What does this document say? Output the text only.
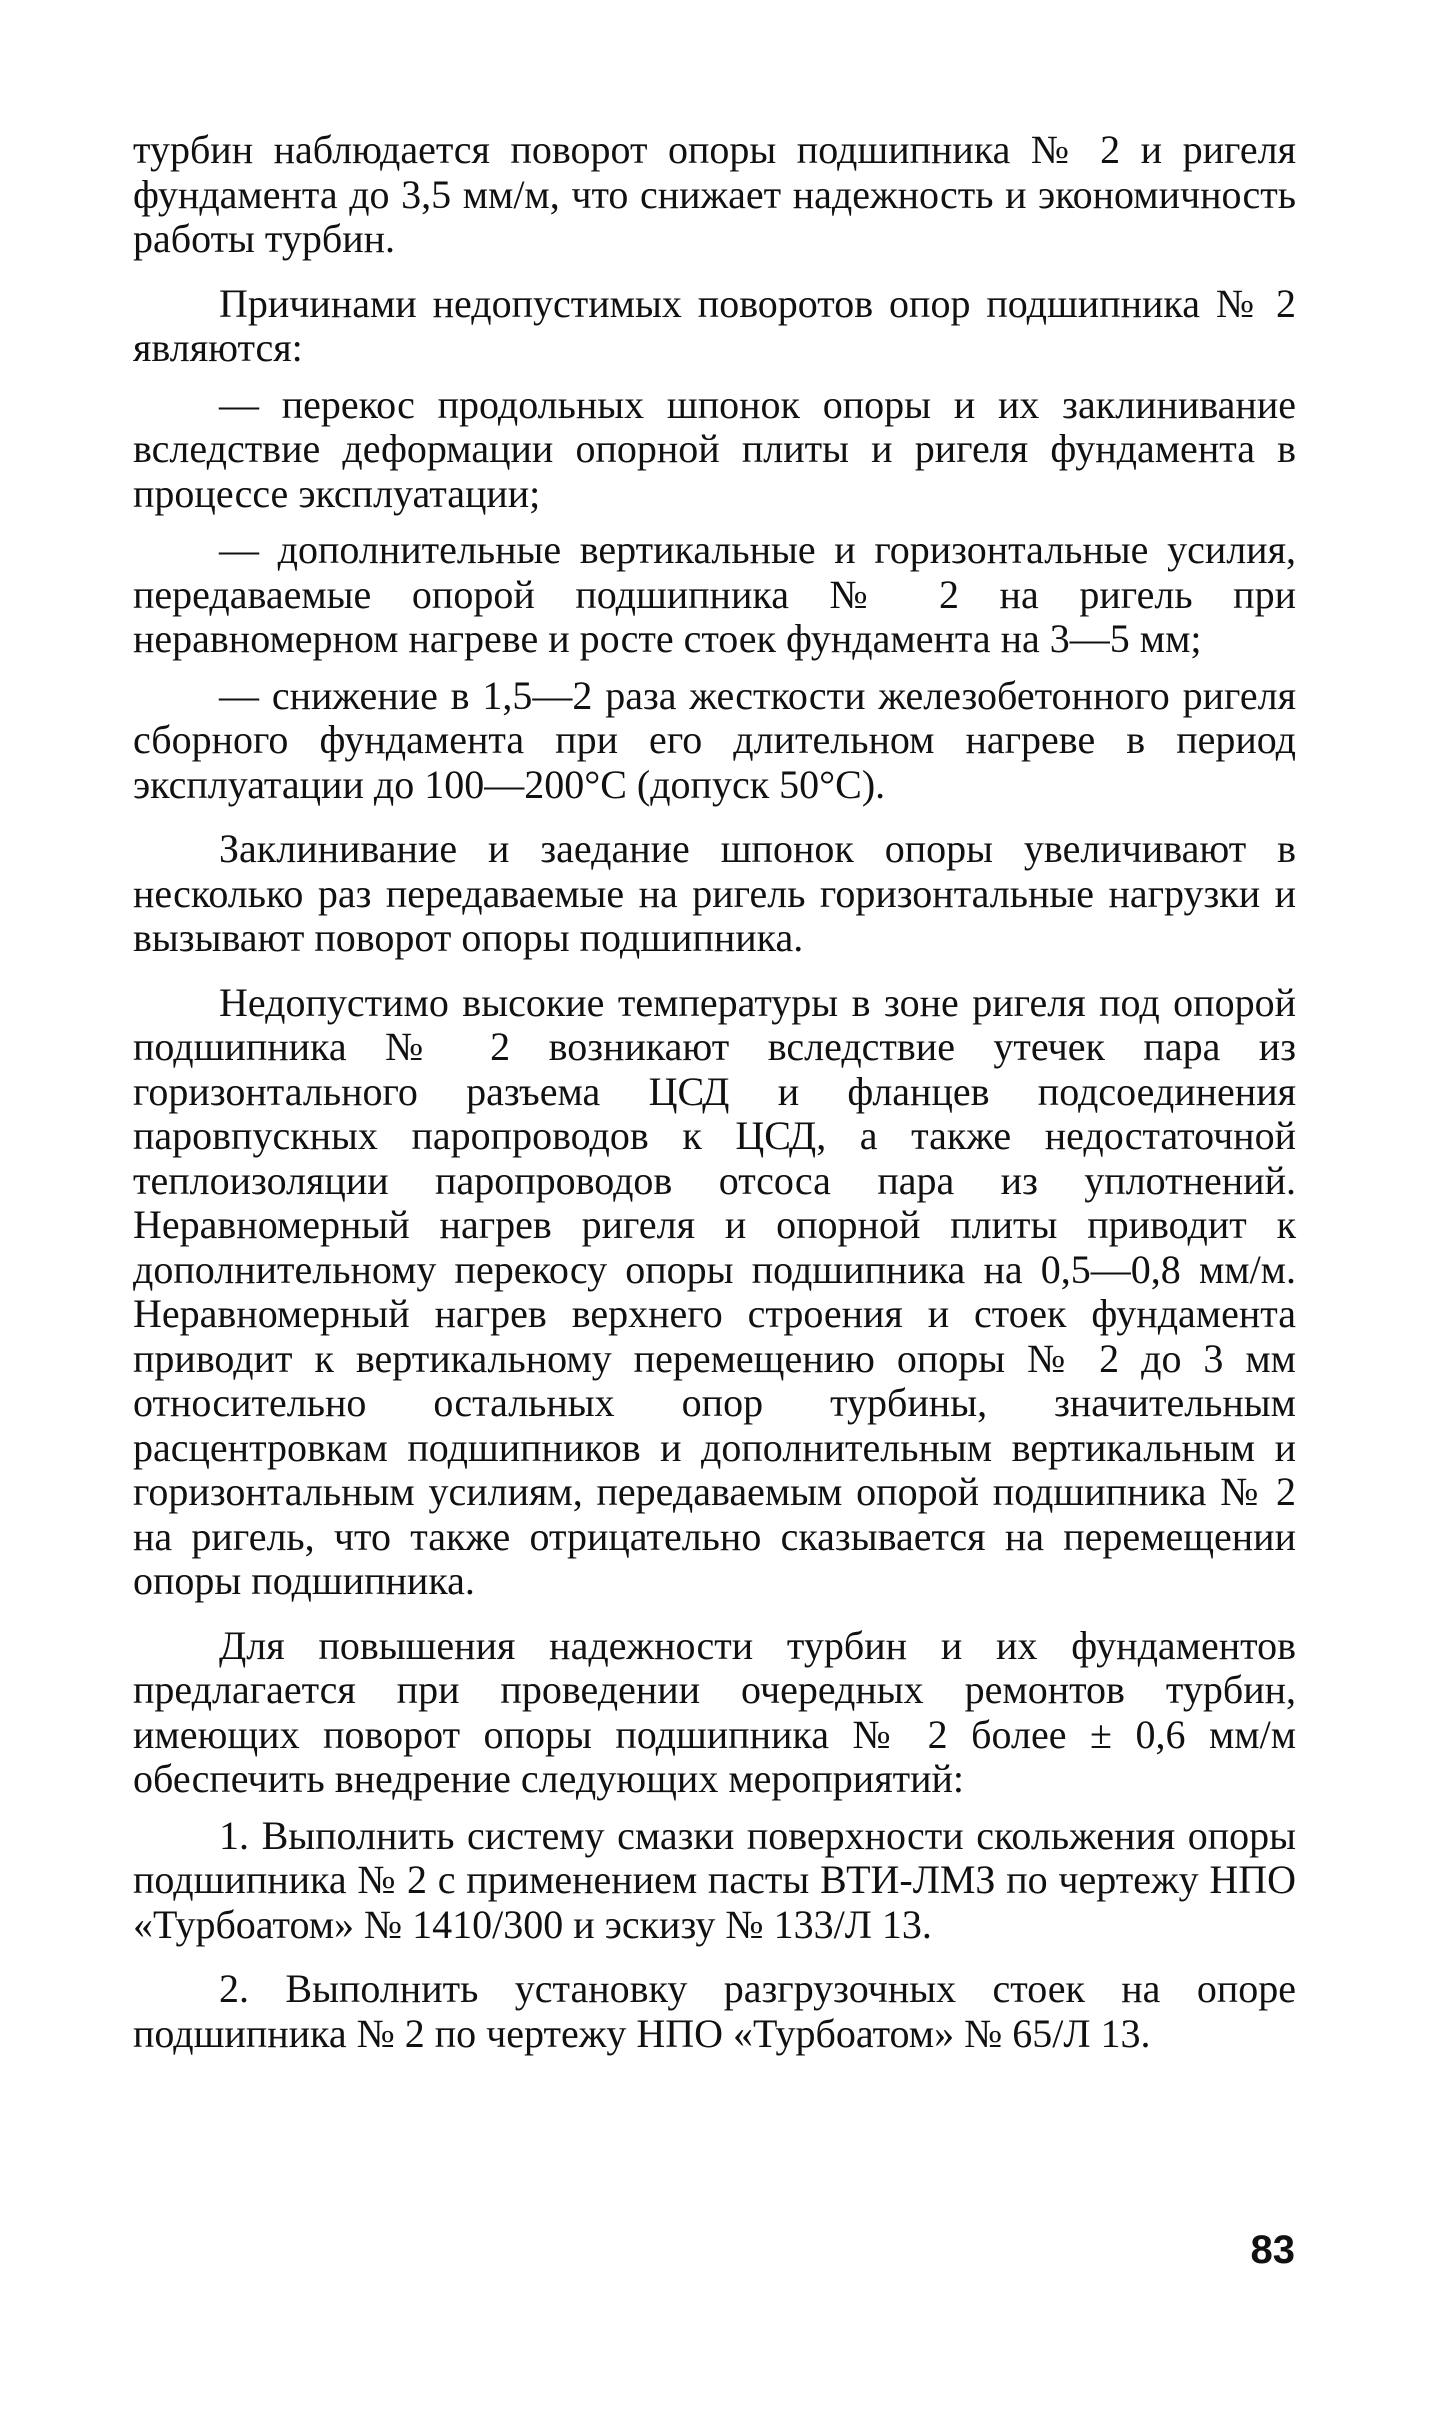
турбин наблюдается поворот опоры подшипника № 2 и ригеля фундамента до 3,5 мм/м, что снижает надежность и экономичность работы турбин.

Причинами недопустимых поворотов опор подшипника № 2 являются:

— перекос продольных шпонок опоры и их заклинивание вследствие деформации опорной плиты и ригеля фундамента в процессе эксплуатации;

— дополнительные вертикальные и горизонтальные усилия, передаваемые опорой подшипника № 2 на ригель при неравномерном нагреве и росте стоек фундамента на 3—5 мм;

— снижение в 1,5—2 раза жесткости железобетонного ригеля сборного фундамента при его длительном нагреве в период эксплуатации до 100—200°С (допуск 50°С).

Заклинивание и заедание шпонок опоры увеличивают в несколько раз передаваемые на ригель горизонтальные нагрузки и вызывают поворот опоры подшипника.

Недопустимо высокие температуры в зоне ригеля под опорой подшипника № 2 возникают вследствие утечек пара из горизонтального разъема ЦСД и фланцев подсоединения паровпускных паропроводов к ЦСД, а также недостаточной теплоизоляции паропроводов отсоса пара из уплотнений. Неравномерный нагрев ригеля и опорной плиты приводит к дополнительному перекосу опоры подшипника на 0,5—0,8 мм/м. Неравномерный нагрев верхнего строения и стоек фундамента приводит к вертикальному перемещению опоры № 2 до 3 мм относительно остальных опор турбины, значительным расцентровкам подшипников и дополнительным вертикальным и горизонтальным усилиям, передаваемым опорой подшипника № 2 на ригель, что также отрицательно сказывается на перемещении опоры подшипника.

Для повышения надежности турбин и их фундаментов предлагается при проведении очередных ремонтов турбин, имеющих поворот опоры подшипника № 2 более ± 0,6 мм/м обеспечить внедрение следующих мероприятий:

1. Выполнить систему смазки поверхности скольжения опоры подшипника № 2 с применением пасты ВТИ-ЛМЗ по чертежу НПО «Турбоатом» № 1410/300 и эскизу № 133/Л 13.

2. Выполнить установку разгрузочных стоек на опоре подшипника № 2 по чертежу НПО «Турбоатом» № 65/Л 13.

83
